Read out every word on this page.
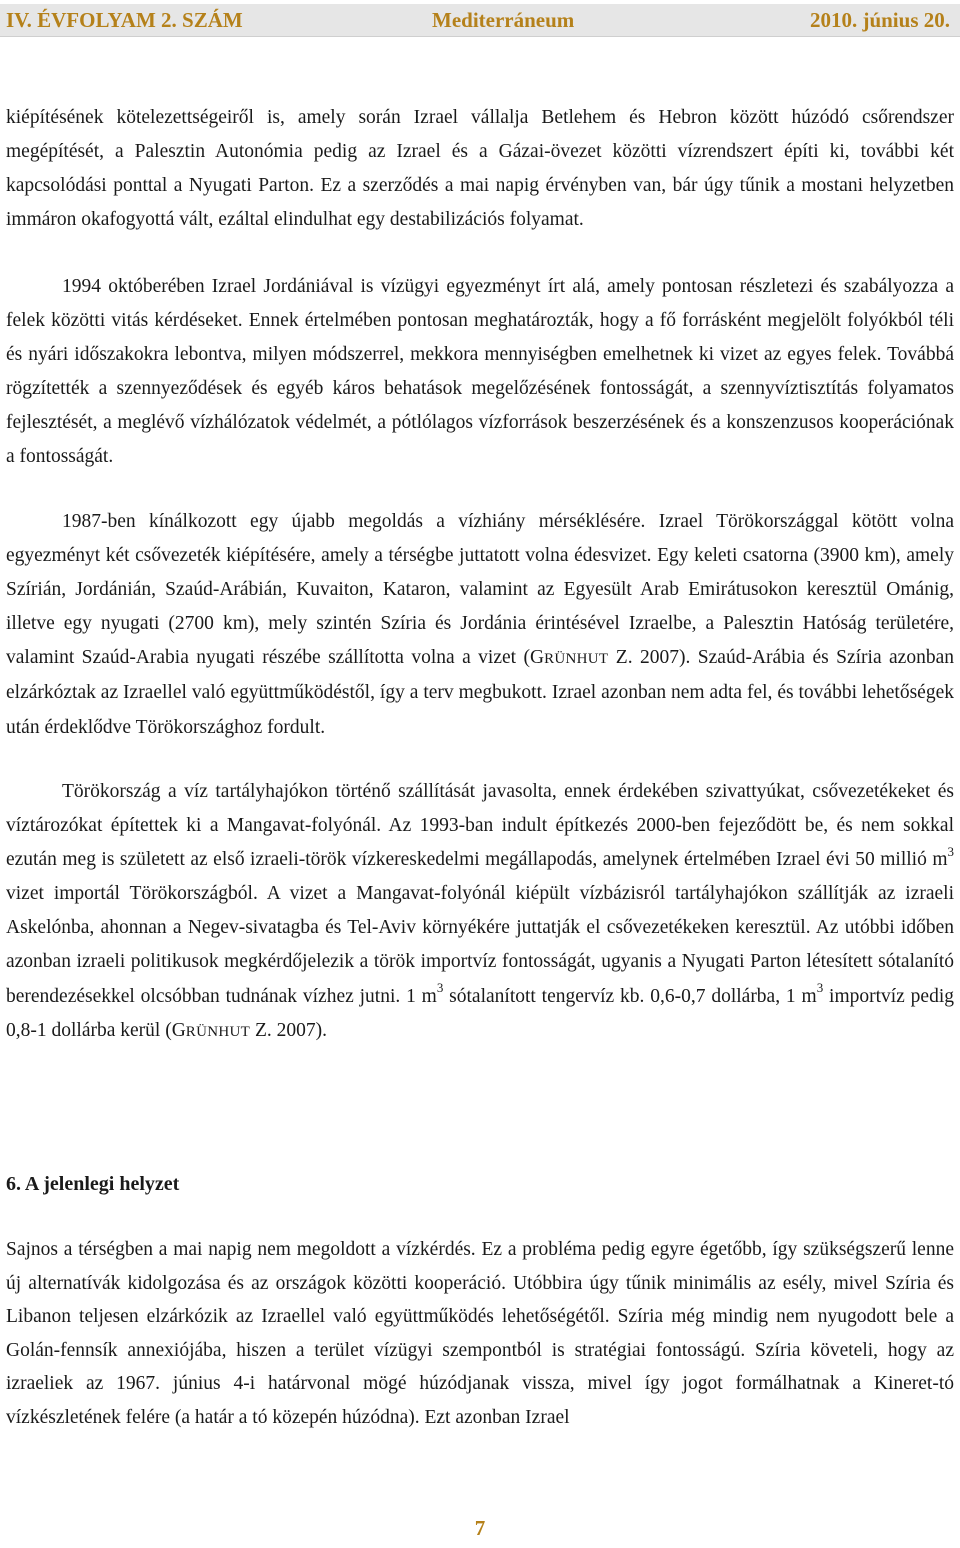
IV. ÉVFOLYAM 2. SZÁM	Mediterráneum	2010. június 20.

kiépítésének kötelezettségeiről is, amely során Izrael vállalja Betlehem és Hebron között húzódó csőrendszer megépítését, a Palesztin Autonómia pedig az Izrael és a Gázai-övezet közötti vízrendszert építi ki, további két kapcsolódási ponttal a Nyugati Parton. Ez a szerződés a mai napig érvényben van, bár úgy tűnik a mostani helyzetben immáron okafogyottá vált, ezáltal elindulhat egy destabilizációs folyamat.

1994 októberében Izrael Jordániával is vízügyi egyezményt írt alá, amely pontosan részletezi és szabályozza a felek közötti vitás kérdéseket. Ennek értelmében pontosan meghatározták, hogy a fő forrásként megjelölt folyókból téli és nyári időszakokra lebontva, milyen módszerrel, mekkora mennyiségben emelhetnek ki vizet az egyes felek. Továbbá rögzítették a szennyeződések és egyéb káros behatások megelőzésének fontosságát, a szennyvíztisztítás folyamatos fejlesztését, a meglévő vízhálózatok védelmét, a pótlólagos vízforrások beszerzésének és a konszenzusos kooperációnak a fontosságát.

1987-ben kínálkozott egy újabb megoldás a vízhiány mérséklésére. Izrael Törökországgal kötött volna egyezményt két csővezeték kiépítésére, amely a térségbe juttatott volna édesvizet. Egy keleti csatorna (3900 km), amely Szírián, Jordánián, Szaúd-Arábián, Kuvaiton, Kataron, valamint az Egyesült Arab Emirátusokon keresztül Ománig, illetve egy nyugati (2700 km), mely szintén Szíria és Jordánia érintésével Izraelbe, a Palesztin Hatóság területére, valamint Szaúd-Arabia nyugati részébe szállította volna a vizet (GRÜNHUT Z. 2007). Szaúd-Arábia és Szíria azonban elzárkóztak az Izraellel való együttműködéstől, így a terv megbukott. Izrael azonban nem adta fel, és további lehetőségek után érdeklődve Törökországhoz fordult.

Törökország a víz tartályhajókon történő szállítását javasolta, ennek érdekében szivattyúkat, csővezetékeket és víztározókat építettek ki a Mangavat-folyónál. Az 1993-ban indult építkezés 2000-ben fejeződött be, és nem sokkal ezután meg is született az első izraeli-török vízkereskedelmi megállapodás, amelynek értelmében Izrael évi 50 millió $m^3$ vizet importál Törökországból. A vizet a Mangavat-folyónál kiépült vízbázisról tartályhajókon szállítják az izraeli Askelónba, ahonnan a Negev-sivatagba és Tel-Aviv környékére juttatják el csővezetékeken keresztül. Az utóbbi időben azonban izraeli politikusok megkérdőjelezik a török importvíz fontosságát, ugyanis a Nyugati Parton létesített sótalanító berendezésekkel olcsóbban tudnának vízhez jutni. 1 $m^3$ sótalanított tengervíz kb. 0,6-0,7 dollárba, 1 $m^3$ importvíz pedig 0,8-1 dollárba kerül (GRÜNHUT Z. 2007).

6. A jelenlegi helyzet

Sajnos a térségben a mai napig nem megoldott a vízkérdés. Ez a probléma pedig egyre égetőbb, így szükségszerű lenne új alternatívák kidolgozása és az országok közötti kooperáció. Utóbbira úgy tűnik minimális az esély, mivel Szíria és Libanon teljesen elzárkózik az Izraellel való együttműködés lehetőségétől. Szíria még mindig nem nyugodott bele a Golán-fennsík annexiójába, hiszen a terület vízügyi szempontból is stratégiai fontosságú. Szíria követeli, hogy az izraeliek az 1967. június 4-i határvonal mögé húzódjanak vissza, mivel így jogot formálhatnak a Kineret-tó vízkészletének felére (a határ a tó közepén húzódna). Ezt azonban Izrael

7
